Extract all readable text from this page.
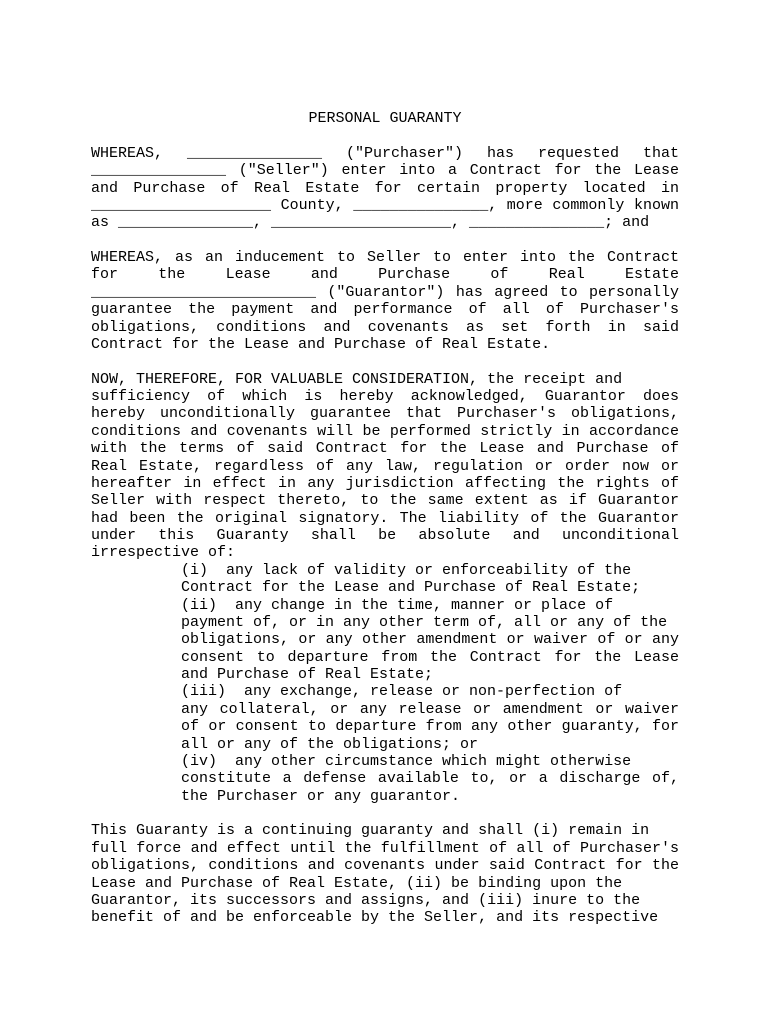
PERSONAL GUARANTY
WHEREAS, _______________ ("Purchaser") has requested that
_______________ ("Seller") enter into a Contract for the Lease
and Purchase of Real Estate for certain property located in
____________________ County, _______________, more commonly known
as _______________, ____________________, _______________; and
WHEREAS, as an inducement to Seller to enter into the Contract
for the Lease and Purchase of Real Estate
_________________________ ("Guarantor") has agreed to personally
guarantee the payment and performance of all of Purchaser's
obligations, conditions and covenants as set forth in said
Contract for the Lease and Purchase of Real Estate.
NOW, THEREFORE, FOR VALUABLE CONSIDERATION, the receipt and
sufficiency of which is hereby acknowledged, Guarantor does
hereby unconditionally guarantee that Purchaser's obligations,
conditions and covenants will be performed strictly in accordance
with the terms of said Contract for the Lease and Purchase of
Real Estate, regardless of any law, regulation or order now or
hereafter in effect in any jurisdiction affecting the rights of
Seller with respect thereto, to the same extent as if Guarantor
had been the original signatory. The liability of the Guarantor
under this Guaranty shall be absolute and unconditional
irrespective of:
(i)  any lack of validity or enforceability of the
Contract for the Lease and Purchase of Real Estate;
(ii)  any change in the time, manner or place of
payment of, or in any other term of, all or any of the
obligations, or any other amendment or waiver of or any
consent to departure from the Contract for the Lease
and Purchase of Real Estate;
(iii)  any exchange, release or non-perfection of
any collateral, or any release or amendment or waiver
of or consent to departure from any other guaranty, for
all or any of the obligations; or
(iv)  any other circumstance which might otherwise
constitute a defense available to, or a discharge of,
the Purchaser or any guarantor.
This Guaranty is a continuing guaranty and shall (i) remain in
full force and effect until the fulfillment of all of Purchaser's
obligations, conditions and covenants under said Contract for the
Lease and Purchase of Real Estate, (ii) be binding upon the
Guarantor, its successors and assigns, and (iii) inure to the
benefit of and be enforceable by the Seller, and its respective
